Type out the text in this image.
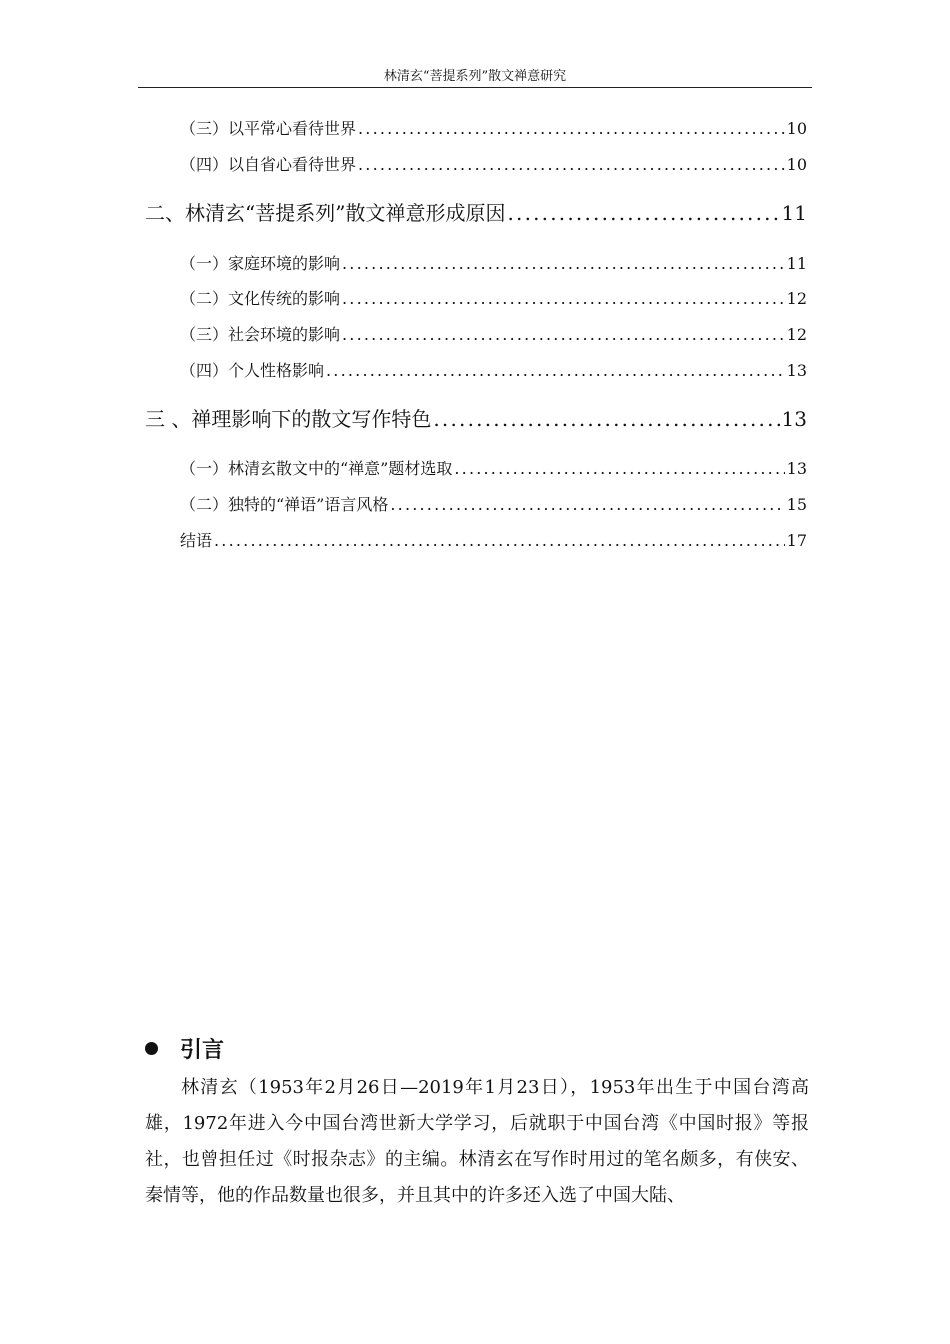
林清玄“菩提系列”散文禅意研究
（三）以平常心看待世界 .....	10
（四）以自省心看待世界 .....	10
二、林清玄“菩提系列”散文禅意形成原因 .....	11
（一）家庭环境的影响 .....	11
（二）文化传统的影响 .....	12
（三）社会环境的影响 .....	12
（四）个人性格影响 .....	13
三 、禅理影响下的散文写作特色 .....	13
（一）林清玄散文中的“禅意”题材选取 .....	13
（二）独特的“禅语”语言风格 .....	15
结语 .....	17
引言

林清玄（1953年2月26日—2019年1月23日），1953年出生于中国台湾高雄，1972年进入今中国台湾世新大学学习，后就职于中国台湾《中国时报》等报社，也曾担任过《时报杂志》的主编。林清玄在写作时用过的笔名颇多，有侠安、秦情等，他的作品数量也很多，并且其中的许多还入选了中国大陆、
